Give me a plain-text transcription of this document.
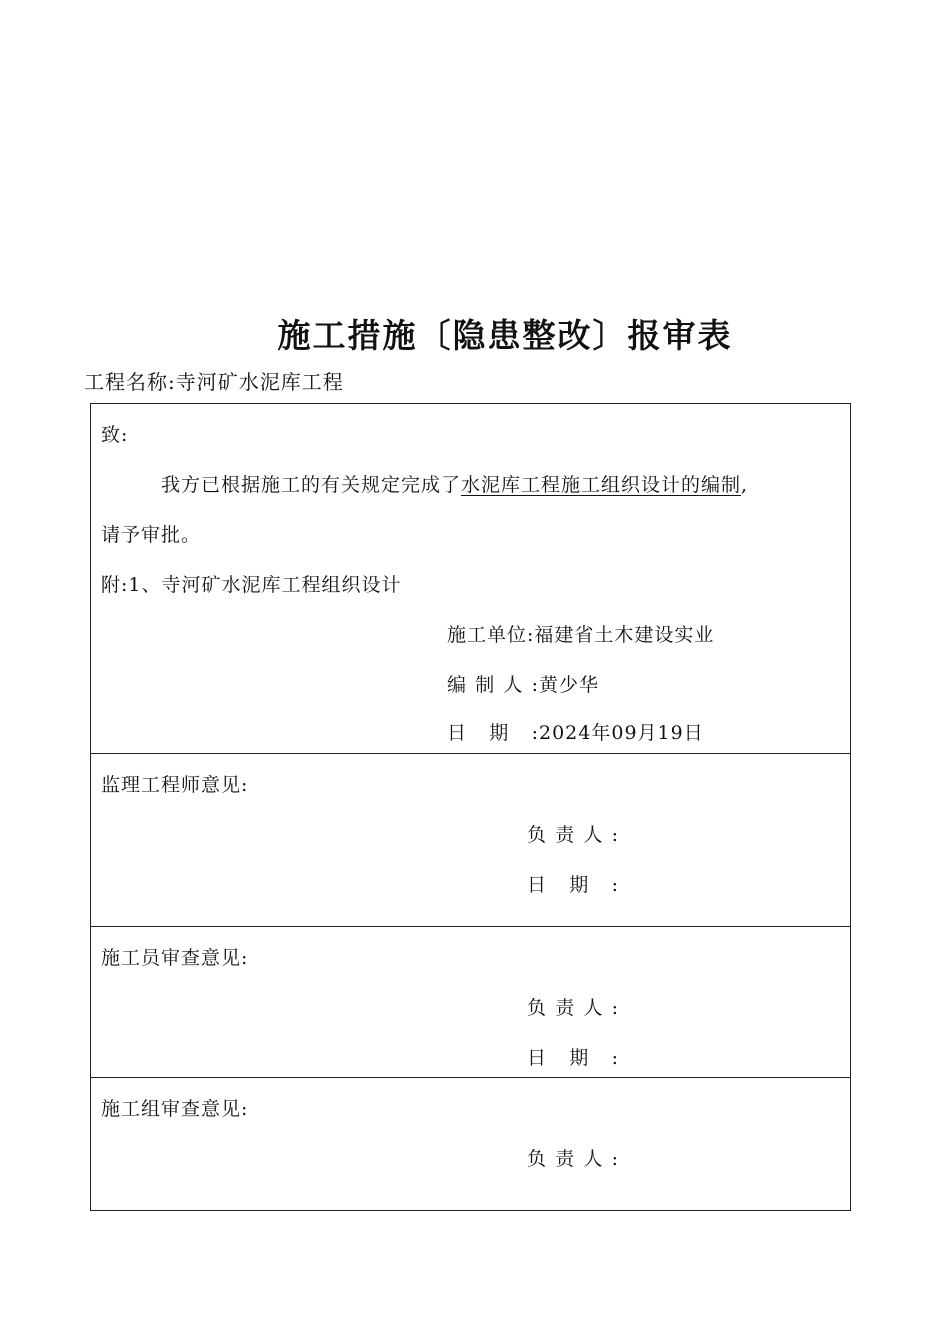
施工措施〔隐患整改〕报审表
工程名称:寺河矿水泥库工程
致:
我方已根据施工的有关规定完成了水泥库工程施工组织设计的编制,
请予审批。
附:1、寺河矿水泥库工程组织设计
施工单位:福建省土木建设实业
编制人:黄少华
日期:2024年09月19日
监理工程师意见:
负责人:
日期:
施工员审查意见:
负责人:
日期:
施工组审查意见:
负责人:
